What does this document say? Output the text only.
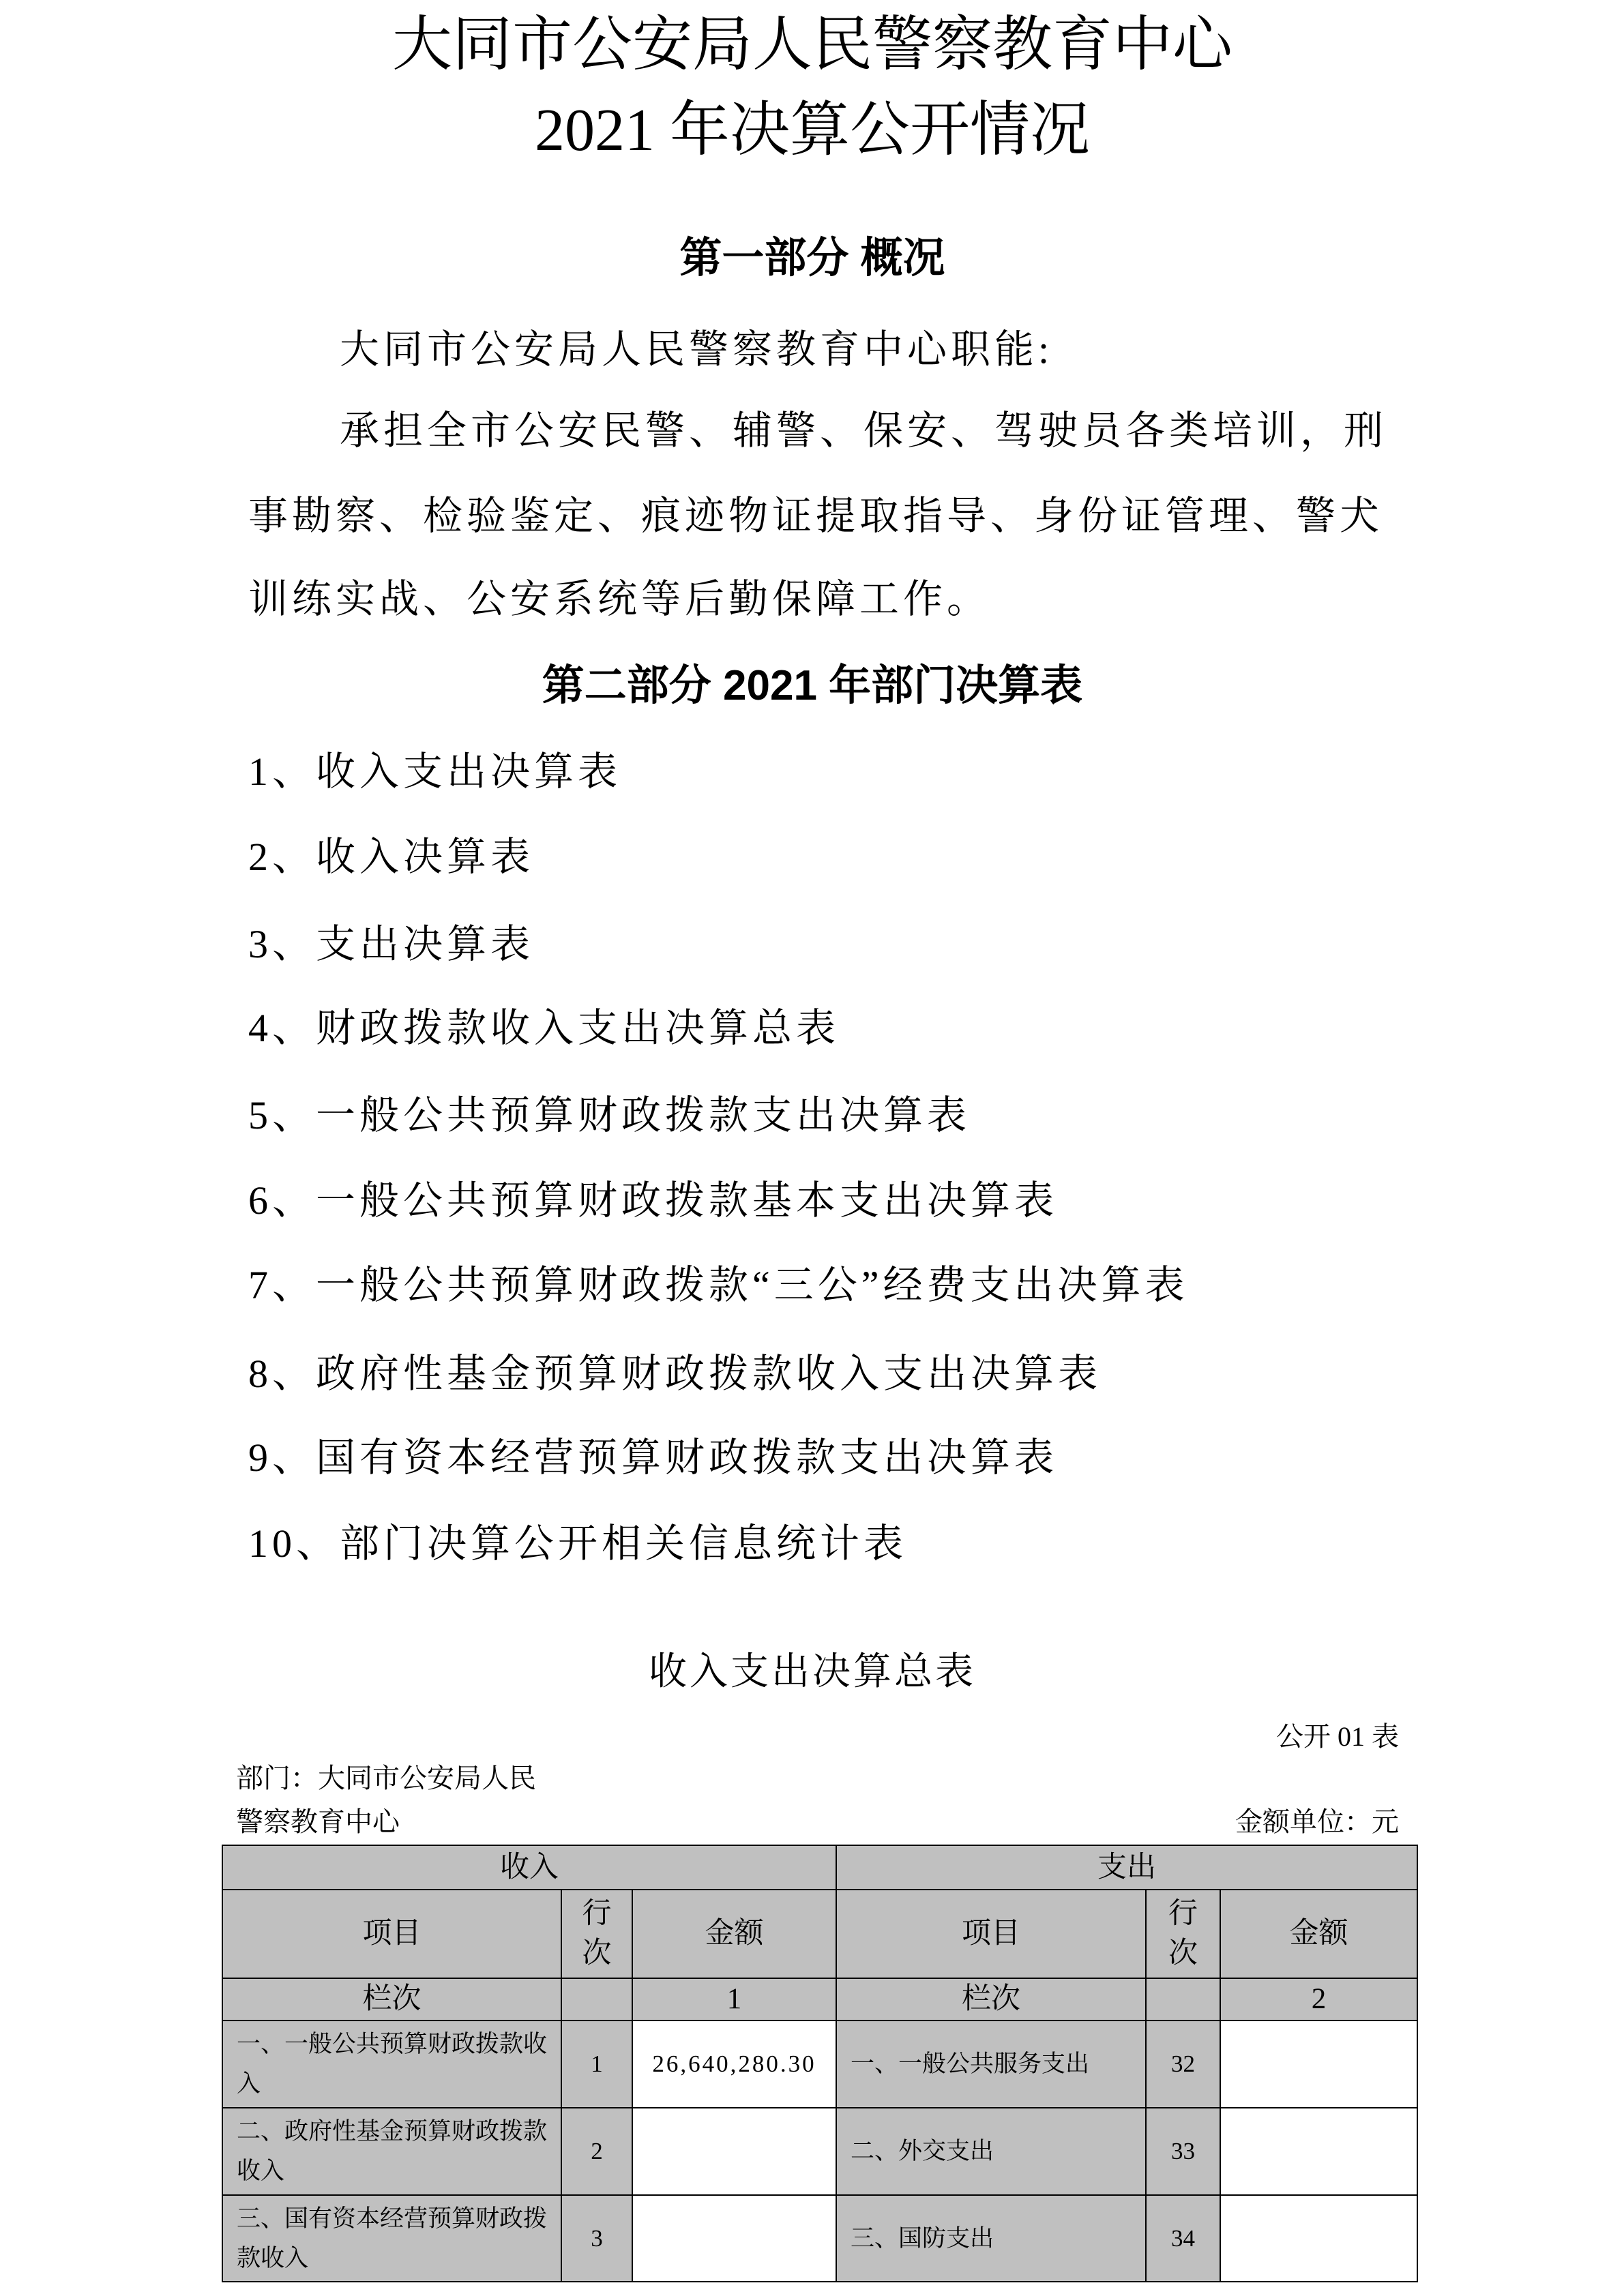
大同市公安局人民警察教育中心
2021 年决算公开情况
第一部分 概况
大同市公安局人民警察教育中心职能:
承担全市公安民警、辅警、保安、驾驶员各类培训，刑
事勘察、检验鉴定、痕迹物证提取指导、身份证管理、警犬
训练实战、公安系统等后勤保障工作。
第二部分 2021 年部门决算表
1、收入支出决算表
2、收入决算表
3、支出决算表
4、财政拨款收入支出决算总表
5、一般公共预算财政拨款支出决算表
6、一般公共预算财政拨款基本支出决算表
7、一般公共预算财政拨款“三公”经费支出决算表
8、政府性基金预算财政拨款收入支出决算表
9、国有资本经营预算财政拨款支出决算表
10、部门决算公开相关信息统计表
收入支出决算总表
公开 01 表
部门：大同市公安局人民
警察教育中心	金额单位：元
收入			支出		
项目	行次	金额	项目	行次	金额
栏次		1	栏次		2
一、一般公共预算财政拨款收入	1	26,640,280.30	一、一般公共服务支出	32	
二、政府性基金预算财政拨款收入	2		二、外交支出	33	
三、国有资本经营预算财政拨款收入	3		三、国防支出	34	
